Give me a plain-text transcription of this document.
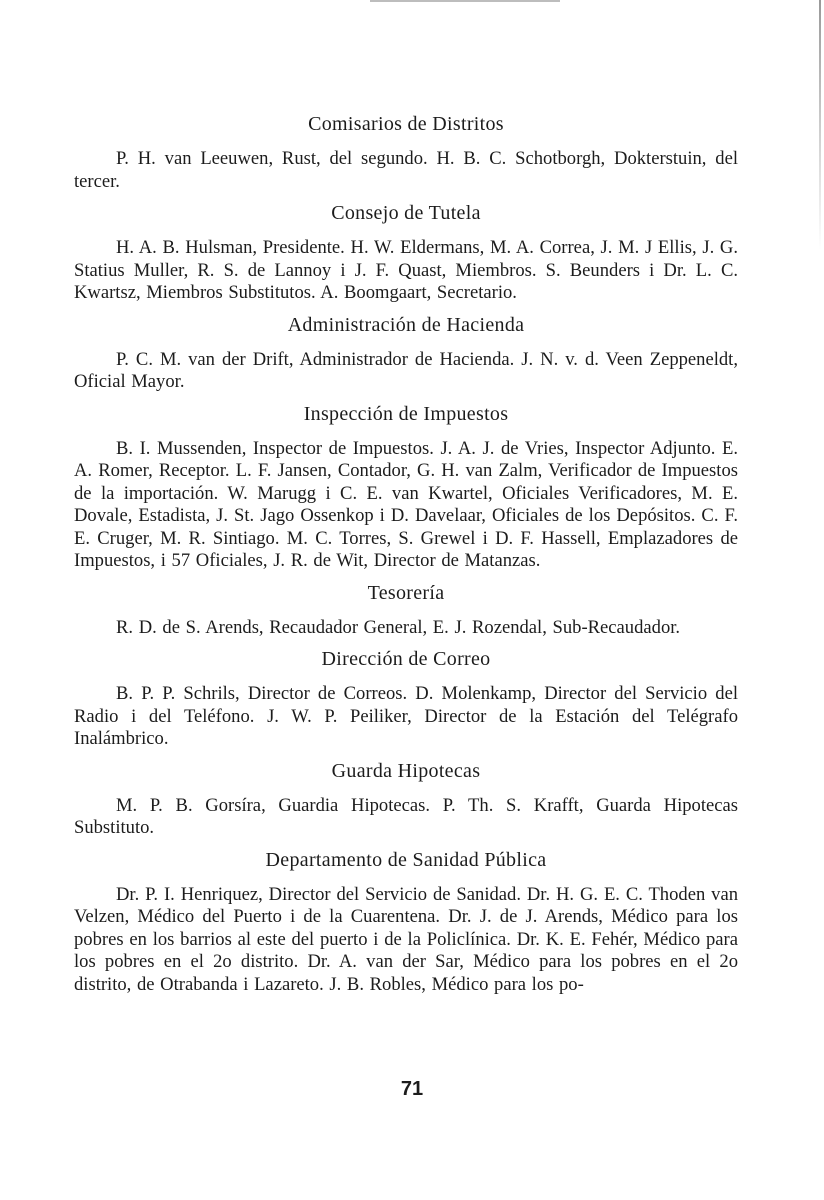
Comisarios de Distritos

P. H. van Leeuwen, Rust, del segundo. H. B. C. Schotborgh, Dokterstuin, del tercer.

Consejo de Tutela

H. A. B. Hulsman, Presidente. H. W. Eldermans, M. A. Correa, J. M. J Ellis, J. G. Statius Muller, R. S. de Lannoy i J. F. Quast, Miembros. S. Beunders i Dr. L. C. Kwartsz, Miembros Substitutos. A. Boomgaart, Secretario.

Administración de Hacienda

P. C. M. van der Drift, Administrador de Hacienda. J. N. v. d. Veen Zeppeneldt, Oficial Mayor.

Inspección de Impuestos

B. I. Mussenden, Inspector de Impuestos. J. A. J. de Vries, Inspector Adjunto. E. A. Romer, Receptor. L. F. Jansen, Contador, G. H. van Zalm, Verificador de Impuestos de la importación. W. Marugg i C. E. van Kwartel, Oficiales Verificadores, M. E. Dovale, Estadista, J. St. Jago Ossenkop i D. Davelaar, Oficiales de los Depósitos. C. F. E. Cruger, M. R. Sintiago. M. C. Torres, S. Grewel i D. F. Hassell, Emplazadores de Impuestos, i 57 Oficiales, J. R. de Wit, Director de Matanzas.

Tesorería

R. D. de S. Arends, Recaudador General, E. J. Rozendal, Sub-Recaudador.

Dirección de Correo

B. P. P. Schrils, Director de Correos. D. Molenkamp, Director del Servicio del Radio i del Teléfono. J. W. P. Peiliker, Director de la Estación del Telégrafo Inalámbrico.

Guarda Hipotecas

M. P. B. Gorsíra, Guardia Hipotecas. P. Th. S. Krafft, Guarda Hipotecas Substituto.

Departamento de Sanidad Pública

Dr. P. I. Henriquez, Director del Servicio de Sanidad. Dr. H. G. E. C. Thoden van Velzen, Médico del Puerto i de la Cuarentena. Dr. J. de J. Arends, Médico para los pobres en los barrios al este del puerto i de la Policlínica. Dr. K. E. Fehér, Médico para los pobres en el 2o distrito. Dr. A. van der Sar, Médico para los pobres en el 2o distrito, de Otrabanda i Lazareto. J. B. Robles, Médico para los po-

71
